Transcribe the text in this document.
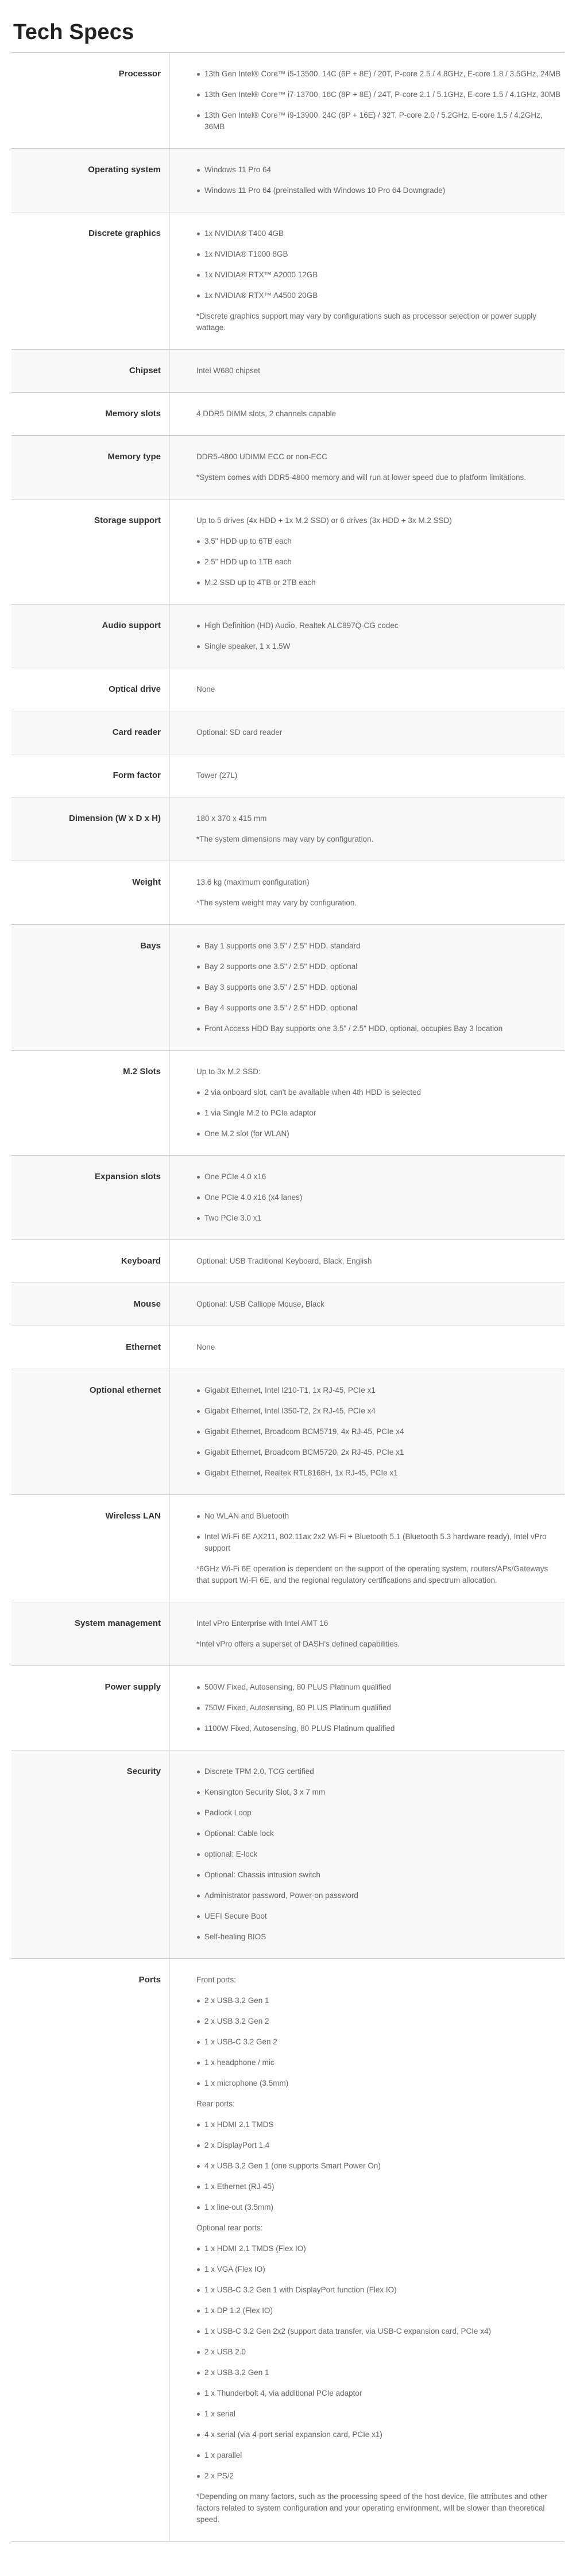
Tech Specs
Processor	13th Gen Intel® Core™ i5-13500, 14C (6P + 8E) / 20T, P-core 2.5 / 4.8GHz, E-core 1.8 / 3.5GHz, 24MB
13th Gen Intel® Core™ i7-13700, 16C (8P + 8E) / 24T, P-core 2.1 / 5.1GHz, E-core 1.5 / 4.1GHz, 30MB
13th Gen Intel® Core™ i9-13900, 24C (8P + 16E) / 32T, P-core 2.0 / 5.2GHz, E-core 1.5 / 4.2GHz, 36MB
Operating system	Windows 11 Pro 64
Windows 11 Pro 64 (preinstalled with Windows 10 Pro 64 Downgrade)
Discrete graphics	1x NVIDIA® T400 4GB
1x NVIDIA® T1000 8GB
1x NVIDIA® RTX™ A2000 12GB
1x NVIDIA® RTX™ A4500 20GB
*Discrete graphics support may vary by configurations such as processor selection or power supply wattage.
Chipset	Intel W680 chipset
Memory slots	4 DDR5 DIMM slots, 2 channels capable
Memory type	DDR5-4800 UDIMM ECC or non-ECC
*System comes with DDR5-4800 memory and will run at lower speed due to platform limitations.
Storage support	Up to 5 drives (4x HDD + 1x M.2 SSD) or 6 drives (3x HDD + 3x M.2 SSD)
3.5" HDD up to 6TB each
2.5" HDD up to 1TB each
M.2 SSD up to 4TB or 2TB each
Audio support	High Definition (HD) Audio, Realtek ALC897Q-CG codec
Single speaker, 1 x 1.5W
Optical drive	None
Card reader	Optional: SD card reader
Form factor	Tower (27L)
Dimension (W x D x H)	180 x 370 x 415 mm
*The system dimensions may vary by configuration.
Weight	13.6 kg (maximum configuration)
*The system weight may vary by configuration.
Bays	Bay 1 supports one 3.5" / 2.5" HDD, standard
Bay 2 supports one 3.5" / 2.5" HDD, optional
Bay 3 supports one 3.5" / 2.5" HDD, optional
Bay 4 supports one 3.5" / 2.5" HDD, optional
Front Access HDD Bay supports one 3.5" / 2.5" HDD, optional, occupies Bay 3 location
M.2 Slots	Up to 3x M.2 SSD:
2 via onboard slot, can't be available when 4th HDD is selected
1 via Single M.2 to PCIe adaptor
One M.2 slot (for WLAN)
Expansion slots	One PCIe 4.0 x16
One PCIe 4.0 x16 (x4 lanes)
Two PCIe 3.0 x1
Keyboard	Optional: USB Traditional Keyboard, Black, English
Mouse	Optional: USB Calliope Mouse, Black
Ethernet	None
Optional ethernet	Gigabit Ethernet, Intel I210-T1, 1x RJ-45, PCIe x1
Gigabit Ethernet, Intel I350-T2, 2x RJ-45, PCIe x4
Gigabit Ethernet, Broadcom BCM5719, 4x RJ-45, PCIe x4
Gigabit Ethernet, Broadcom BCM5720, 2x RJ-45, PCIe x1
Gigabit Ethernet, Realtek RTL8168H, 1x RJ-45, PCIe x1
Wireless LAN	No WLAN and Bluetooth
Intel Wi-Fi 6E AX211, 802.11ax 2x2 Wi-Fi + Bluetooth 5.1 (Bluetooth 5.3 hardware ready), Intel vPro support
*6GHz Wi-Fi 6E operation is dependent on the support of the operating system, routers/APs/Gateways that support Wi-Fi 6E, and the regional regulatory certifications and spectrum allocation.
System management	Intel vPro Enterprise with Intel AMT 16
*Intel vPro offers a superset of DASH's defined capabilities.
Power supply	500W Fixed, Autosensing, 80 PLUS Platinum qualified
750W Fixed, Autosensing, 80 PLUS Platinum qualified
1100W Fixed, Autosensing, 80 PLUS Platinum qualified
Security	Discrete TPM 2.0, TCG certified
Kensington Security Slot, 3 x 7 mm
Padlock Loop
Optional: Cable lock
optional: E-lock
Optional: Chassis intrusion switch
Administrator password, Power-on password
UEFI Secure Boot
Self-healing BIOS
Ports	Front ports:
2 x USB 3.2 Gen 1
2 x USB 3.2 Gen 2
1 x USB-C 3.2 Gen 2
1 x headphone / mic
1 x microphone (3.5mm)
Rear ports:
1 x HDMI 2.1 TMDS
2 x DisplayPort 1.4
4 x USB 3.2 Gen 1 (one supports Smart Power On)
1 x Ethernet (RJ-45)
1 x line-out (3.5mm)
Optional rear ports:
1 x HDMI 2.1 TMDS (Flex IO)
1 x VGA (Flex IO)
1 x USB-C 3.2 Gen 1 with DisplayPort function (Flex IO)
1 x DP 1.2 (Flex IO)
1 x USB-C 3.2 Gen 2x2 (support data transfer, via USB-C expansion card, PCIe x4)
2 x USB 2.0
2 x USB 3.2 Gen 1
1 x Thunderbolt 4, via additional PCIe adaptor
1 x serial
4 x serial (via 4-port serial expansion card, PCIe x1)
1 x parallel
2 x PS/2
*Depending on many factors, such as the processing speed of the host device, file attributes and other factors related to system configuration and your operating environment, will be slower than theoretical speed.
